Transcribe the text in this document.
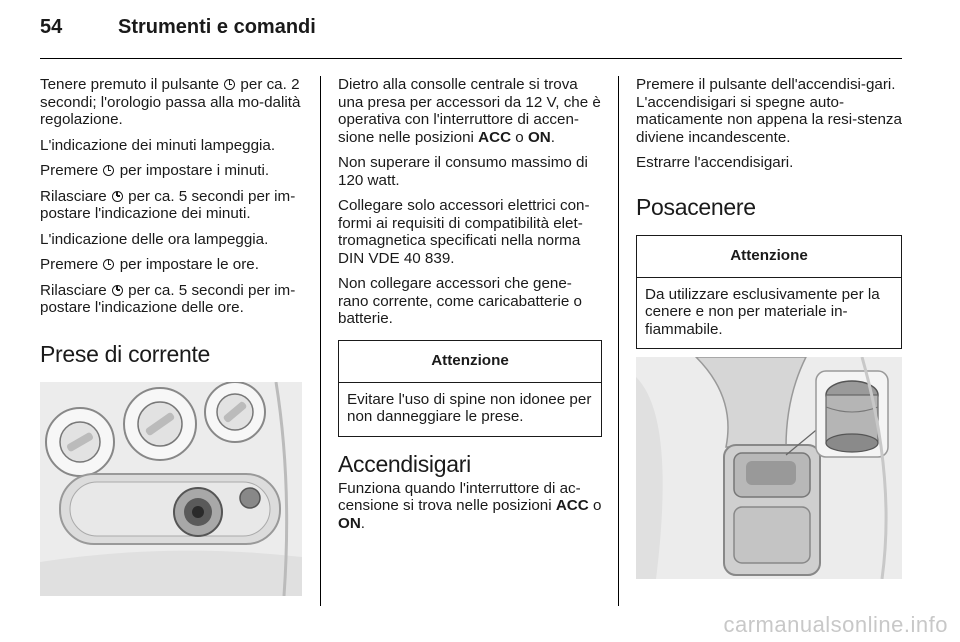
54	Strumenti e comandi

Tenere premuto il pulsante  per ca. 2 secondi; l'orologio passa alla mo-dalità regolazione.

L'indicazione dei minuti lampeggia.

Premere  per impostare i minuti.

Rilasciare  per ca. 5 secondi per im-postare l'indicazione dei minuti.

L'indicazione delle ora lampeggia.

Premere  per impostare le ore.

Rilasciare  per ca. 5 secondi per im-postare l'indicazione delle ore.

Prese di corrente

Dietro alla consolle centrale si trova una presa per accessori da 12 V, che è operativa con l'interruttore di accen-sione nelle posizioni ACC o ON.

Non superare il consumo massimo di 120 watt.

Collegare solo accessori elettrici con-formi ai requisiti di compatibilità elet-tromagnetica specificati nella norma DIN VDE 40 839.

Non collegare accessori che gene-rano corrente, come caricabatterie o batterie.

Attenzione

Evitare l'uso di spine non idonee per non danneggiare le prese.

Accendisigari

Funziona quando l'interruttore di ac-censione si trova nelle posizioni ACC o ON.

Premere il pulsante dell'accendisi-gari. L'accendisigari si spegne auto-maticamente non appena la resi-stenza diviene incandescente.

Estrarre l'accendisigari.

Posacenere
Attenzione

Da utilizzare esclusivamente per la cenere e non per materiale in-fiammabile.

carmanualsonline.info
